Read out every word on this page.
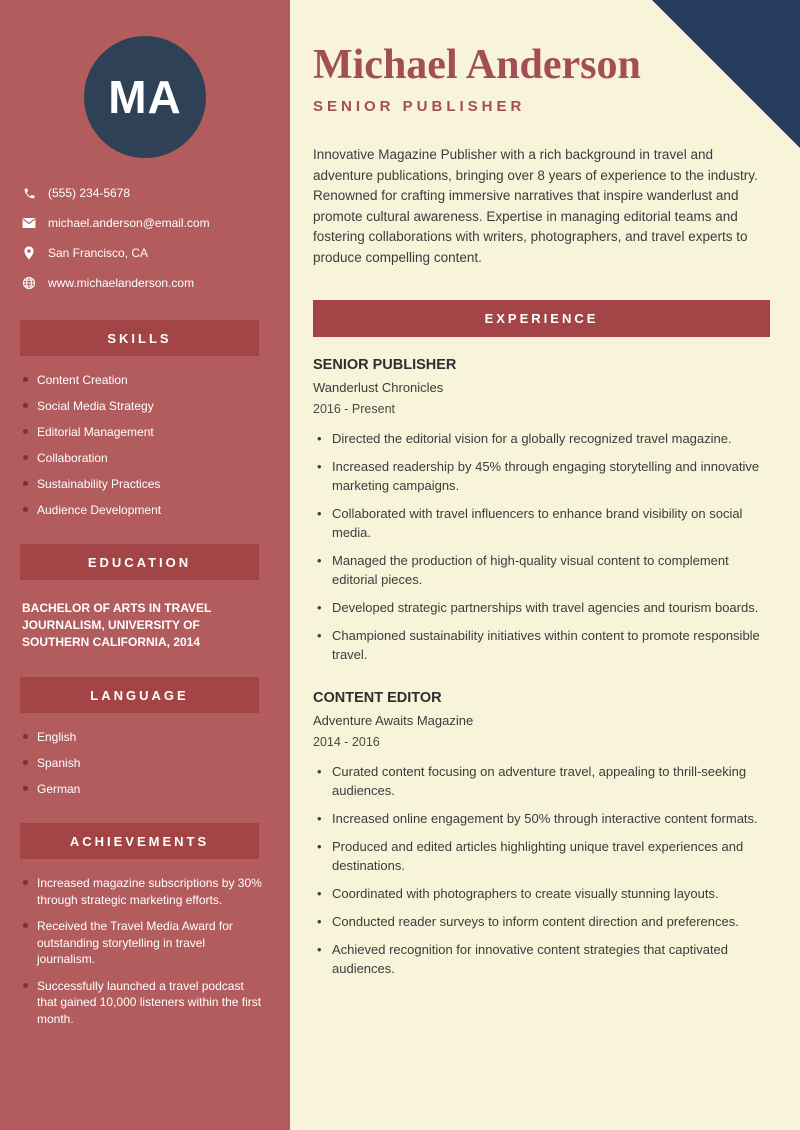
MA
(555) 234-5678
michael.anderson@email.com
San Francisco, CA
www.michaelanderson.com
SKILLS
Content Creation
Social Media Strategy
Editorial Management
Collaboration
Sustainability Practices
Audience Development
EDUCATION
BACHELOR OF ARTS IN TRAVEL JOURNALISM, UNIVERSITY OF SOUTHERN CALIFORNIA, 2014
LANGUAGE
English
Spanish
German
ACHIEVEMENTS
Increased magazine subscriptions by 30% through strategic marketing efforts.
Received the Travel Media Award for outstanding storytelling in travel journalism.
Successfully launched a travel podcast that gained 10,000 listeners within the first month.
Michael Anderson
SENIOR PUBLISHER

Innovative Magazine Publisher with a rich background in travel and adventure publications, bringing over 8 years of experience to the industry. Renowned for crafting immersive narratives that inspire wanderlust and promote cultural awareness. Expertise in managing editorial teams and fostering collaborations with writers, photographers, and travel experts to produce compelling content.

EXPERIENCE
SENIOR PUBLISHER
Wanderlust Chronicles
2016 - Present
• Directed the editorial vision for a globally recognized travel magazine.
• Increased readership by 45% through engaging storytelling and innovative marketing campaigns.
• Collaborated with travel influencers to enhance brand visibility on social media.
• Managed the production of high-quality visual content to complement editorial pieces.
• Developed strategic partnerships with travel agencies and tourism boards.
• Championed sustainability initiatives within content to promote responsible travel.
CONTENT EDITOR
Adventure Awaits Magazine
2014 - 2016
• Curated content focusing on adventure travel, appealing to thrill-seeking audiences.
• Increased online engagement by 50% through interactive content formats.
• Produced and edited articles highlighting unique travel experiences and destinations.
• Coordinated with photographers to create visually stunning layouts.
• Conducted reader surveys to inform content direction and preferences.
• Achieved recognition for innovative content strategies that captivated audiences.
